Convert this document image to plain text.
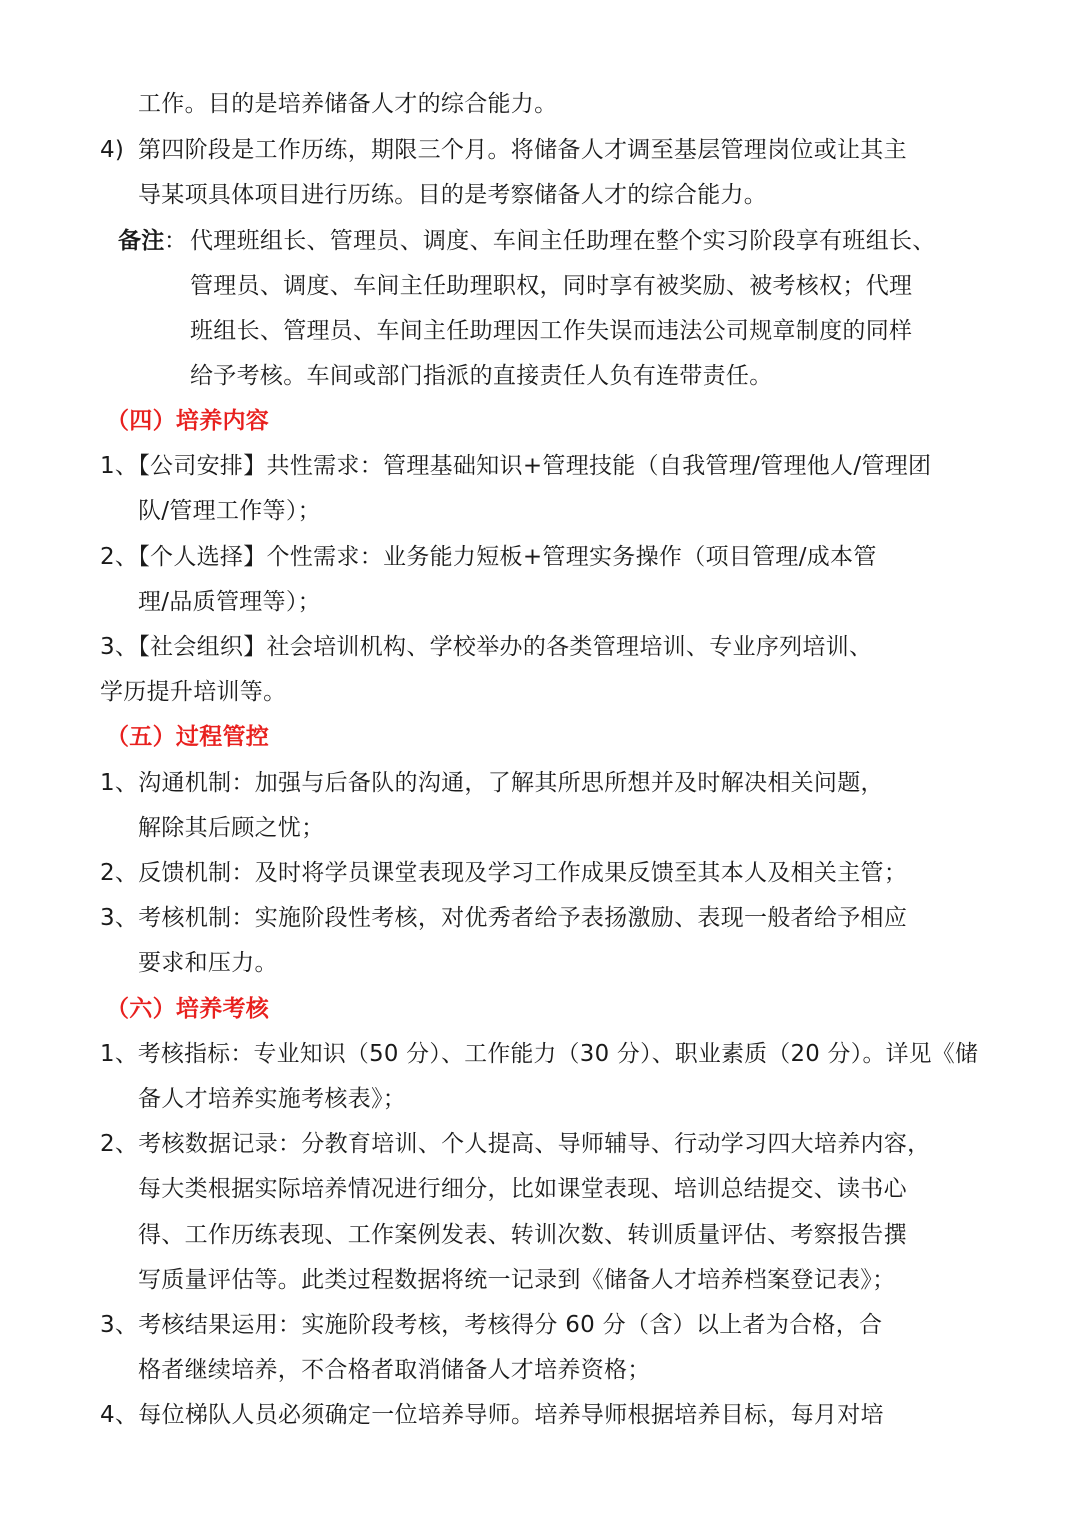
工作。目的是培养储备人才的综合能力。
4) 第四阶段是工作历练，期限三个月。将储备人才调至基层管理岗位或让其主
导某项具体项目进行历练。目的是考察储备人才的综合能力。
备注 ： 代理班组长、管理员、调度、车间主任助理在整个实习阶段享有班组长、
管理员、调度、车间主任助理职权，同时享有被奖励、被考核权；代理
班组长、管理员、车间主任助理因工作失误而违法公司规章制度的同样
给予考核。车间或部门指派的直接责任人负有连带责任。
（四）培养内容
1、【公司安排】共性需求：管理基础知识+管理技能（自我管理/管理他人/管理团
队/管理工作等）；
2、【个人选择】个性需求：业务能力短板+管理实务操作（项目管理/成本管
理/品质管理等）；
3、【社会组织】社会培训机构、学校举办的各类管理培训、专业序列培训、
学历提升培训等。
（五）过程管控
1、沟通机制：加强与后备队的沟通，了解其所思所想并及时解决相关问题，
解除其后顾之忧；
2、反馈机制：及时将学员课堂表现及学习工作成果反馈至其本人及相关主管；
3、考核机制：实施阶段性考核，对优秀者给予表扬激励、表现一般者给予相应
要求和压力。
（六）培养考核
1、考核指标：专业知识（50 分）、工作能力（30 分）、职业素质（20 分）。详见《储
备人才培养实施考核表》；
2、考核数据记录：分教育培训、个人提高、导师辅导、行动学习四大培养内容，
每大类根据实际培养情况进行细分，比如课堂表现、培训总结提交、读书心
得、工作历练表现、工作案例发表、转训次数、转训质量评估、考察报告撰
写质量评估等。此类过程数据将统一记录到《储备人才培养档案登记表》；
3、考核结果运用：实施阶段考核，考核得分 60 分（含）以上者为合格，合
格者继续培养，不合格者取消储备人才培养资格；
4、每位梯队人员必须确定一位培养导师。培养导师根据培养目标，每月对培
